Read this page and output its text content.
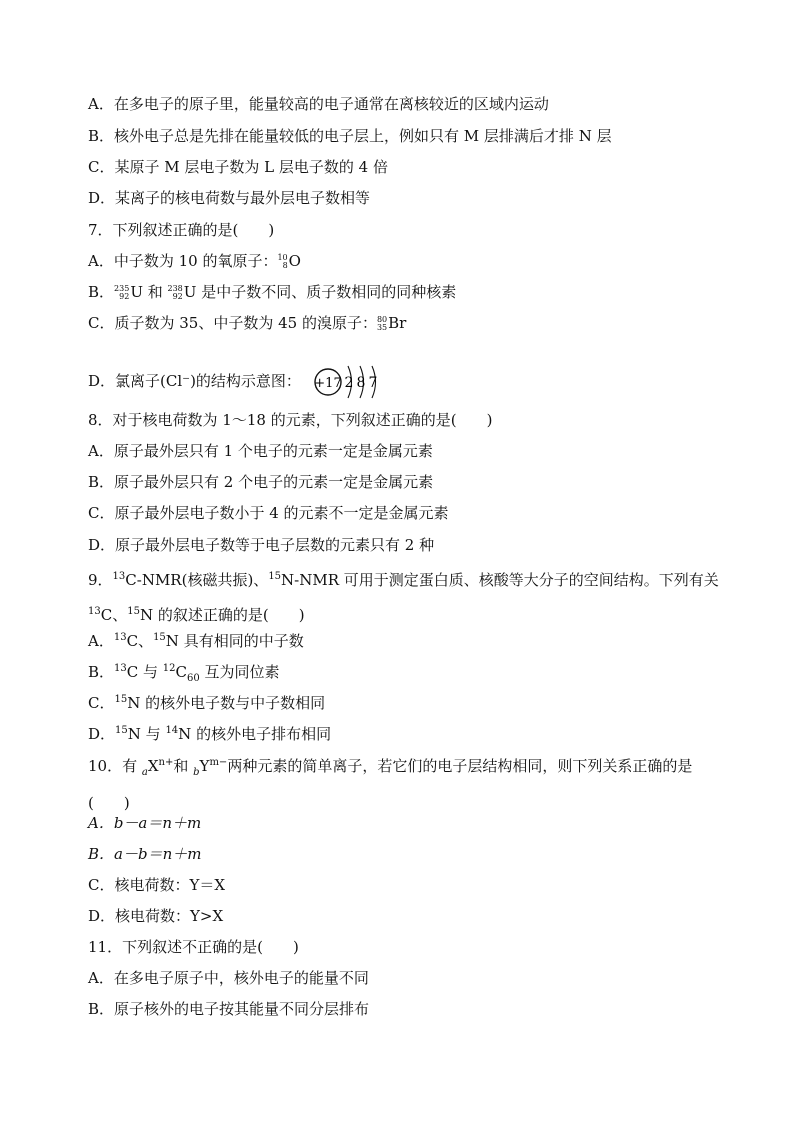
A．在多电子的原子里，能量较高的电子通常在离核较近的区域内运动
B．核外电子总是先排在能量较低的电子层上，例如只有 M 层排满后才排 N 层
C．某原子 M 层电子数为 L 层电子数的 4 倍
D．某离子的核电荷数与最外层电子数相等
7．下列叙述正确的是(　　)
A．中子数为 10 的氧原子： 10
8 O
B． 235
92 U 和 238
92 U 是中子数不同、质子数相同的同种核素
C．质子数为 35、中子数为 45 的溴原子： 80
35 Br
D．氯离子(Cl⁻)的结构示意图： +17 2 8 7
8．对于核电荷数为 1～18 的元素，下列叙述正确的是(　　)
A．原子最外层只有 1 个电子的元素一定是金属元素
B．原子最外层只有 2 个电子的元素一定是金属元素
C．原子最外层电子数小于 4 的元素不一定是金属元素
D．原子最外层电子数等于电子层数的元素只有 2 种
9．$^{13}$C-NMR(核磁共振)、$^{15}$N-NMR 可用于测定蛋白质、核酸等大分子的空间结构。下列有关 $^{13}$C、$^{15}$N 的叙述正确的是(　　)
A．$^{13}$C、$^{15}$N 具有相同的中子数
B．$^{13}$C 与 $^{12}C_{60}$ 互为同位素
C．$^{15}$N 的核外电子数与中子数相同
D．$^{15}$N 与 $^{14}$N 的核外电子排布相同
10．有 $_aX^{n+}$和 $_bY^{m-}$两种元素的简单离子，若它们的电子层结构相同，则下列关系正确的是(　　)
A．b－a＝n＋m
B．a－b＝n＋m
C．核电荷数：Y＝X
D．核电荷数：Y>X
11．下列叙述不正确的是(　　)
A．在多电子原子中，核外电子的能量不同
B．原子核外的电子按其能量不同分层排布
